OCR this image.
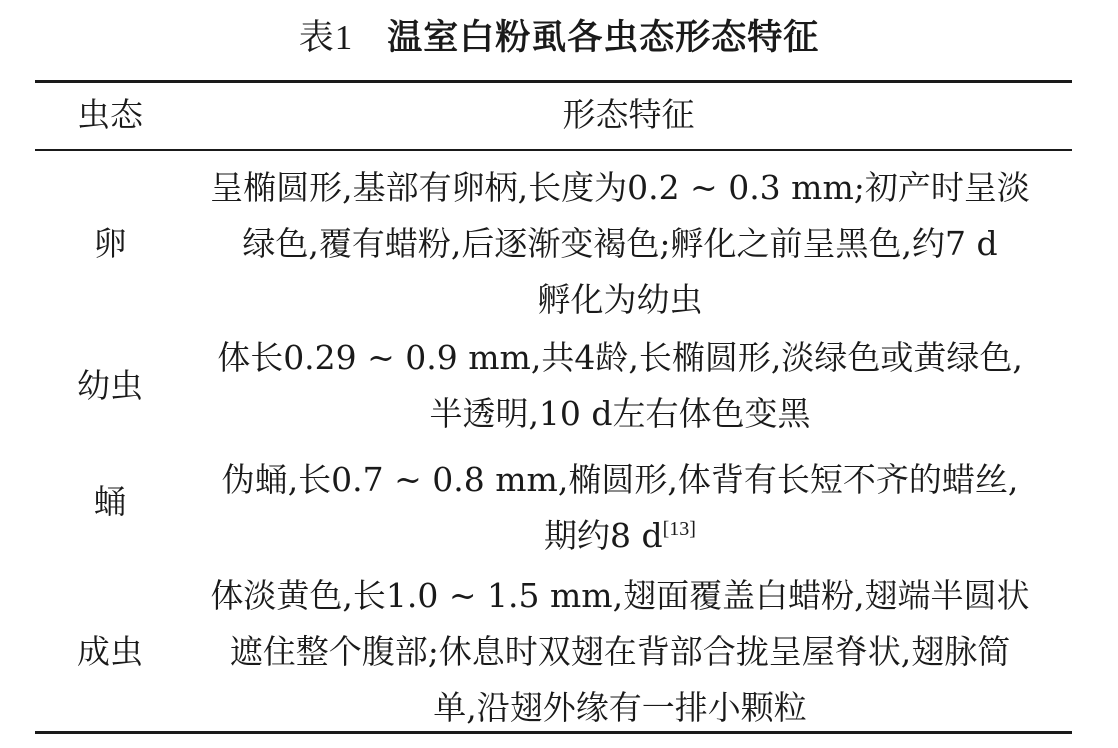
表1 温室白粉虱各虫态形态特征
虫态	形态特征
卵
呈椭圆形,基部有卵柄,长度为0.2 ~ 0.3 mm;初产时呈淡
绿色,覆有蜡粉,后逐渐变褐色;孵化之前呈黑色,约7 d
孵化为幼虫
幼虫
体长0.29 ~ 0.9 mm,共4龄,长椭圆形,淡绿色或黄绿色,
半透明,10 d左右体色变黑
蛹
伪蛹,长0.7 ~ 0.8 mm,椭圆形,体背有长短不齐的蜡丝,
期约8 d[13]
成虫
体淡黄色,长1.0 ~ 1.5 mm,翅面覆盖白蜡粉,翅端半圆状
遮住整个腹部;休息时双翅在背部合拢呈屋脊状,翅脉简
单,沿翅外缘有一排小颗粒
